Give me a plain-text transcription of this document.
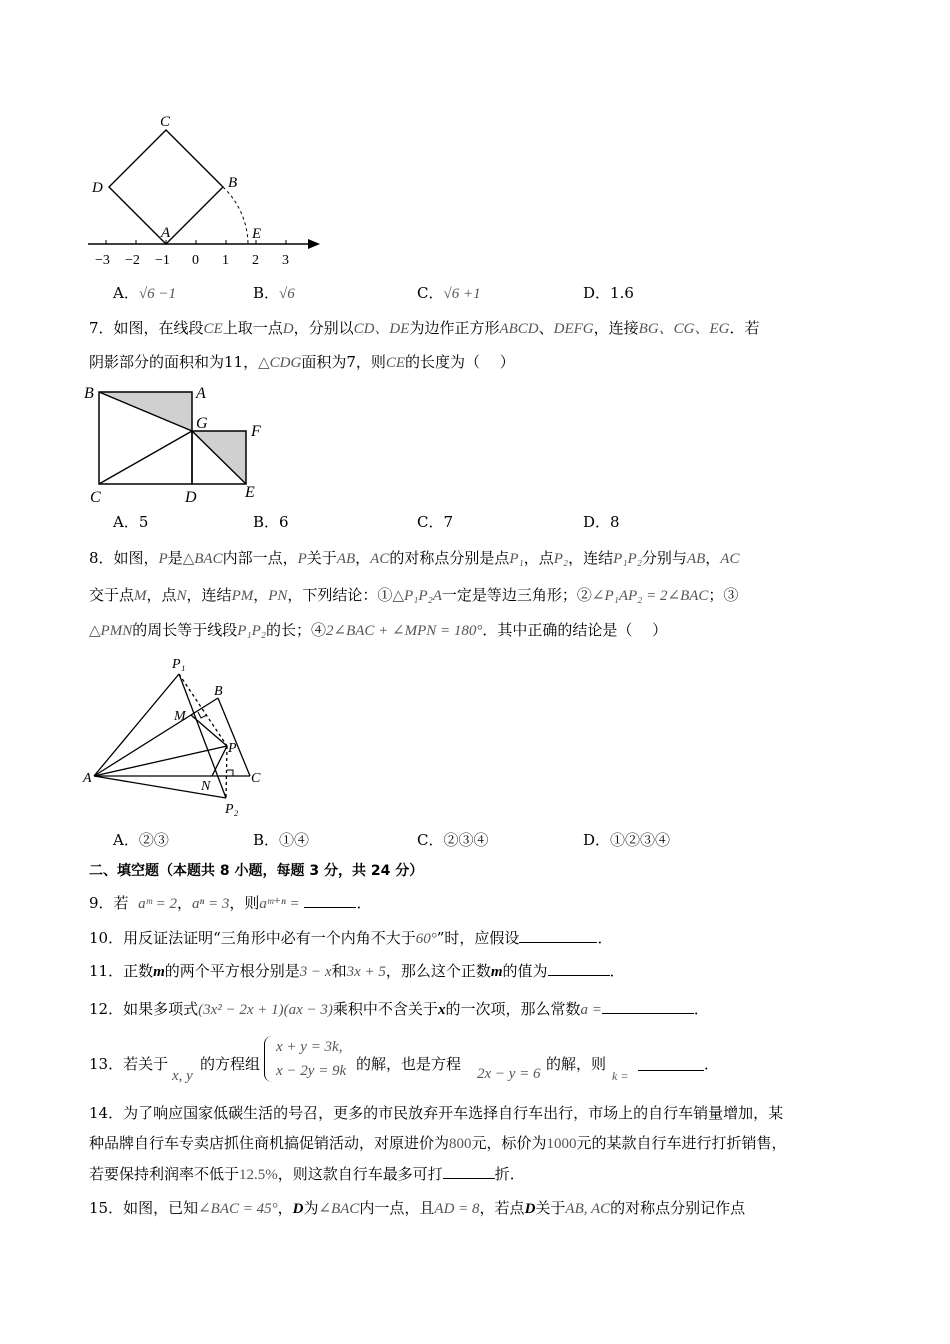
C
D	B
A	E
−3 −2 −1 0 1 2 3
A．√6 −1	B．√6	C．√6 +1	D．1.6
7．如图，在线段CE上取一点D，分别以CD、DE为边作正方形ABCD、DEFG，连接BG、CG、EG．若
阴影部分的面积和为11，△CDG面积为7，则CE的长度为（　 ）
B	A
G	F
C	D	E
A．5	B．6	C．7	D．8
8．如图，P是△BAC内部一点，P关于AB，AC的对称点分别是点P₁，点P₂，连结P₁P₂分别与AB，AC
交于点M，点N，连结PM，PN，下列结论：①△P₁P₂A一定是等边三角形；②∠P₁AP₂ = 2∠BAC；③
△PMN的周长等于线段P₁P₂的长；④2∠BAC + ∠MPN = 180°．其中正确的结论是（　 ）
P₁
B
M
P
A
N
C
P₂
A．②③	B．①④	C．②③④	D．①②③④
二、填空题（本题共 8 小题，每题 3 分，共 24 分）
9．若 aᵐ = 2，aⁿ = 3，则aᵐ⁺ⁿ =	．
10．用反证法证明“三角形中必有一个内角不大于60°”时，应假设	．
11．正数m的两个平方根分别是3 − x和3x + 5，那么这个正数m的值为	．
12．如果多项式(3x² − 2x + 1)(ax − 3)乘积中不含关于x的一次项，那么常数a =	．
13．若关于
x, y
的方程组
x + y = 3k,
x − 2y = 9k 的解，也是方程
2x − y = 6
的解，则
k =
．
14．为了响应国家低碳生活的号召，更多的市民放弃开车选择自行车出行，市场上的自行车销量增加，某
种品牌自行车专卖店抓住商机搞促销活动，对原进价为800元，标价为1000元的某款自行车进行打折销售，
若要保持利润率不低于12.5%，则这款自行车最多可打	折．
15．如图，已知∠BAC = 45°，D为∠BAC内一点，且AD = 8，若点D关于AB, AC的对称点分别记作点
